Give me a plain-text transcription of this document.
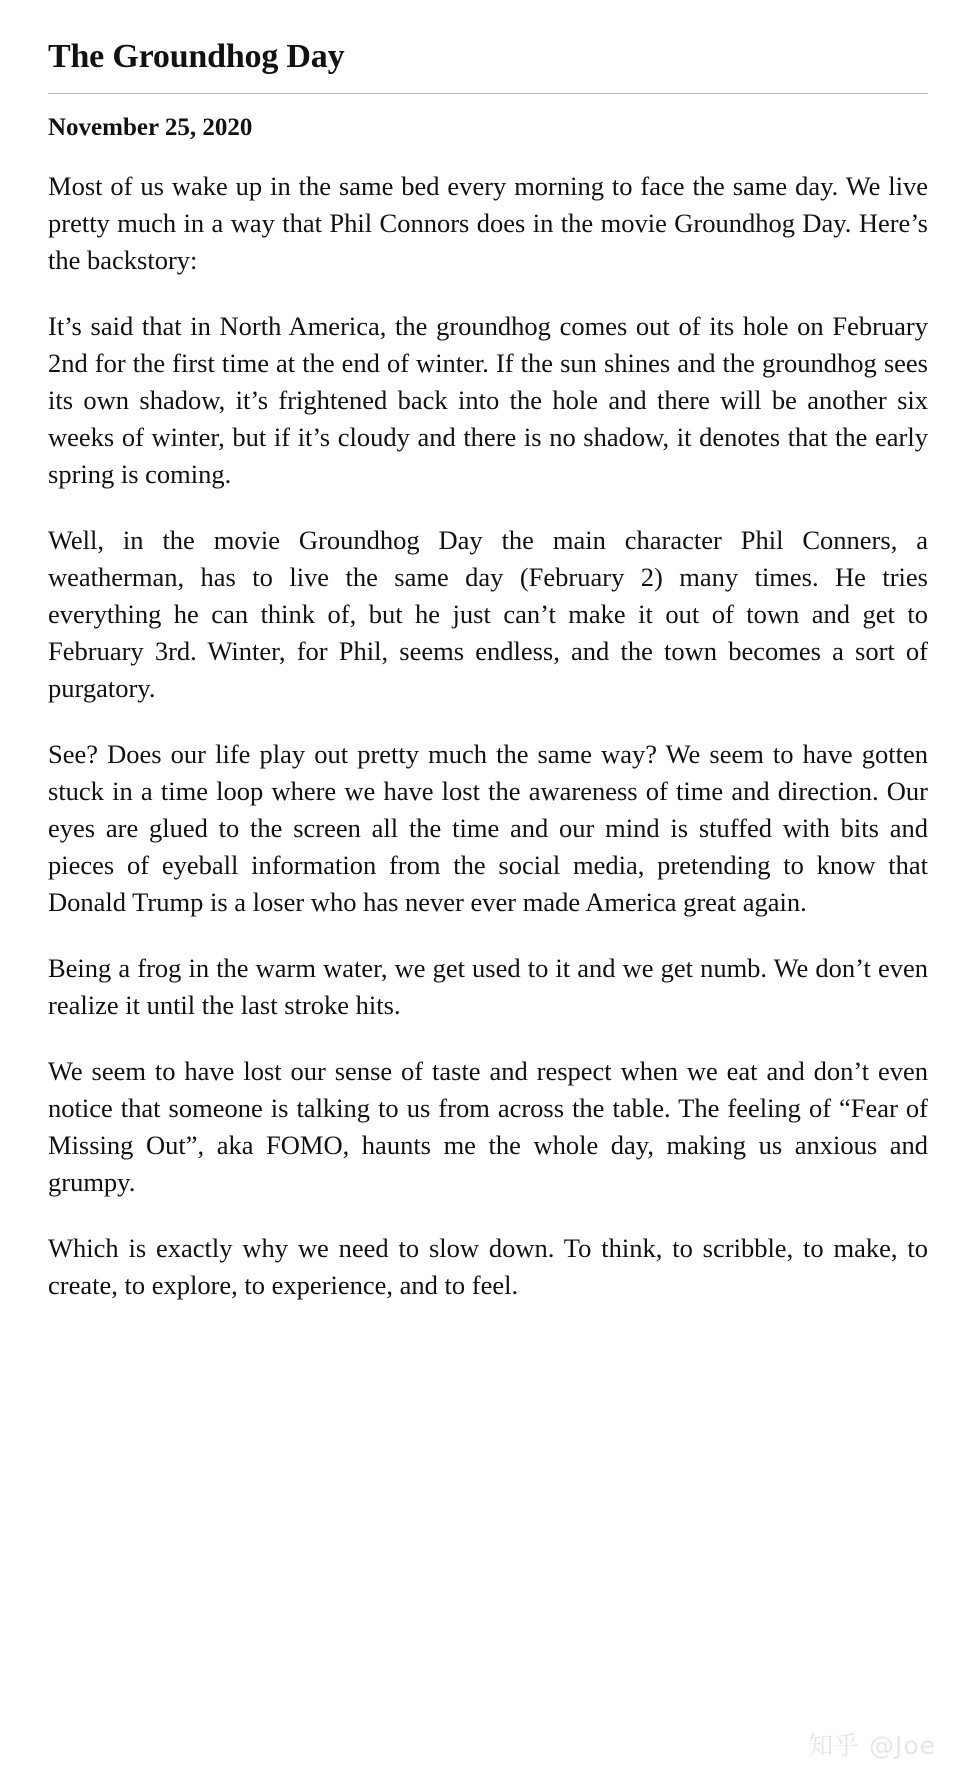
The Groundhog Day
November 25, 2020

Most of us wake up in the same bed every morning to face the same day. We live pretty much in a way that Phil Connors does in the movie Groundhog Day. Here’s the backstory:

It’s said that in North America, the groundhog comes out of its hole on February 2nd for the first time at the end of winter. If the sun shines and the groundhog sees its own shadow, it’s frightened back into the hole and there will be another six weeks of winter, but if it’s cloudy and there is no shadow, it denotes that the early spring is coming.

Well, in the movie Groundhog Day the main character Phil Conners, a weatherman, has to live the same day (February 2) many times. He tries everything he can think of, but he just can’t make it out of town and get to February 3rd. Winter, for Phil, seems endless, and the town becomes a sort of purgatory.

See? Does our life play out pretty much the same way? We seem to have gotten stuck in a time loop where we have lost the awareness of time and direction. Our eyes are glued to the screen all the time and our mind is stuffed with bits and pieces of eyeball information from the social media, pretending to know that Donald Trump is a loser who has never ever made America great again.

Being a frog in the warm water, we get used to it and we get numb. We don’t even realize it until the last stroke hits.

We seem to have lost our sense of taste and respect when we eat and don’t even notice that someone is talking to us from across the table. The feeling of “Fear of Missing Out”, aka FOMO, haunts me the whole day, making us anxious and grumpy.

Which is exactly why we need to slow down. To think, to scribble, to make, to create, to explore, to experience, and to feel.

知乎 @Joe
